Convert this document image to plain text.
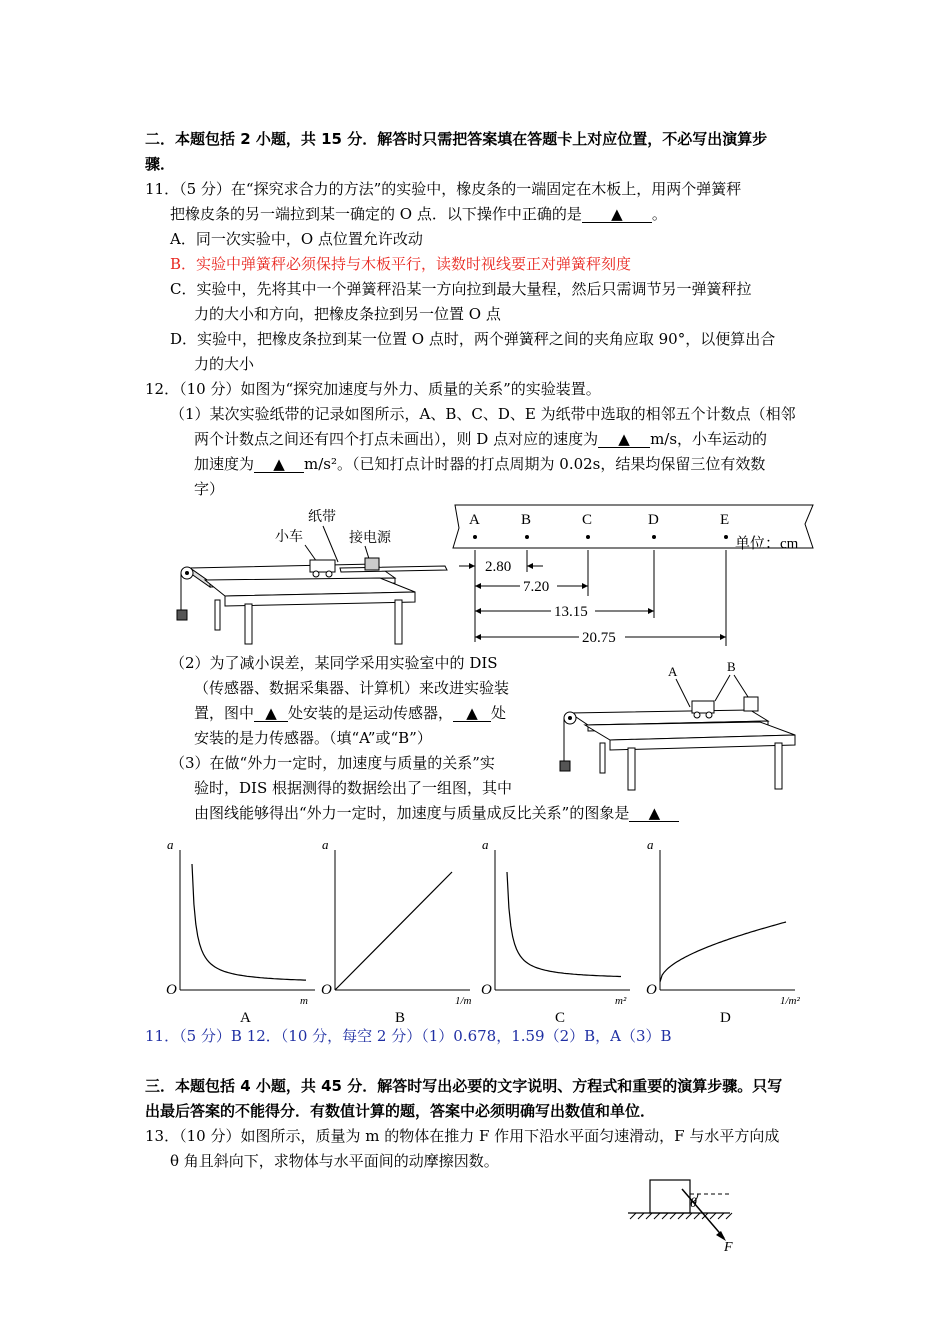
二．本题包括 2 小题，共 15 分．解答时只需把答案填在答题卡上对应位置，不必写出演算步
骤．
11．（5 分）在“探究求合力的方法”的实验中，橡皮条的一端固定在木板上，用两个弹簧秤
把橡皮条的另一端拉到某一确定的 O 点．以下操作中正确的是 ▲ 。
A．同一次实验中，O 点位置允许改动
B．实验中弹簧秤必须保持与木板平行，读数时视线要正对弹簧秤刻度
C．实验中，先将其中一个弹簧秤沿某一方向拉到最大量程，然后只需调节另一弹簧秤拉
力的大小和方向，把橡皮条拉到另一位置 O 点
D．实验中，把橡皮条拉到某一位置 O 点时，两个弹簧秤之间的夹角应取 90°，以便算出合
力的大小
12．（10 分）如图为“探究加速度与外力、质量的关系”的实验装置。
（1）某次实验纸带的记录如图所示，A、B、C、D、E 为纸带中选取的相邻五个计数点（相邻
两个计数点之间还有四个打点未画出），则 D 点对应的速度为 ▲ m/s，小车运动的
加速度为 ▲ m/s²。（已知打点计时器的打点周期为 0.02s，结果均保留三位有效数
字）
纸带
小车	接电源
A	B	C	D	E
单位：cm
2.80
7.20
13.15
20.75
（2）为了减小误差，某同学采用实验室中的 DIS
（传感器、数据采集器、计算机）来改进实验装
置，图中 ▲ 处安装的是运动传感器， ▲ 处
安装的是力传感器。（填“A”或“B”）
（3）在做“外力一定时，加速度与质量的关系”实
验时，DIS 根据测得的数据绘出了一组图，其中
由图线能够得出“外力一定时，加速度与质量成反比关系”的图象是 ▲
A	B
a
O
m
A
a
O
1/m
B
a
O
m²
C
a
O
1/m²
D
11．（5 分）B 12．（10 分，每空 2 分）（1）0.678，1.59（2）B，A（3）B
三．本题包括 4 小题，共 45 分．解答时写出必要的文字说明、方程式和重要的演算步骤。只写
出最后答案的不能得分．有数值计算的题，答案中必须明确写出数值和单位．
13．（10 分）如图所示，质量为 m 的物体在推力 F 作用下沿水平面匀速滑动，F 与水平方向成
θ 角且斜向下，求物体与水平面间的动摩擦因数。
θ
F
